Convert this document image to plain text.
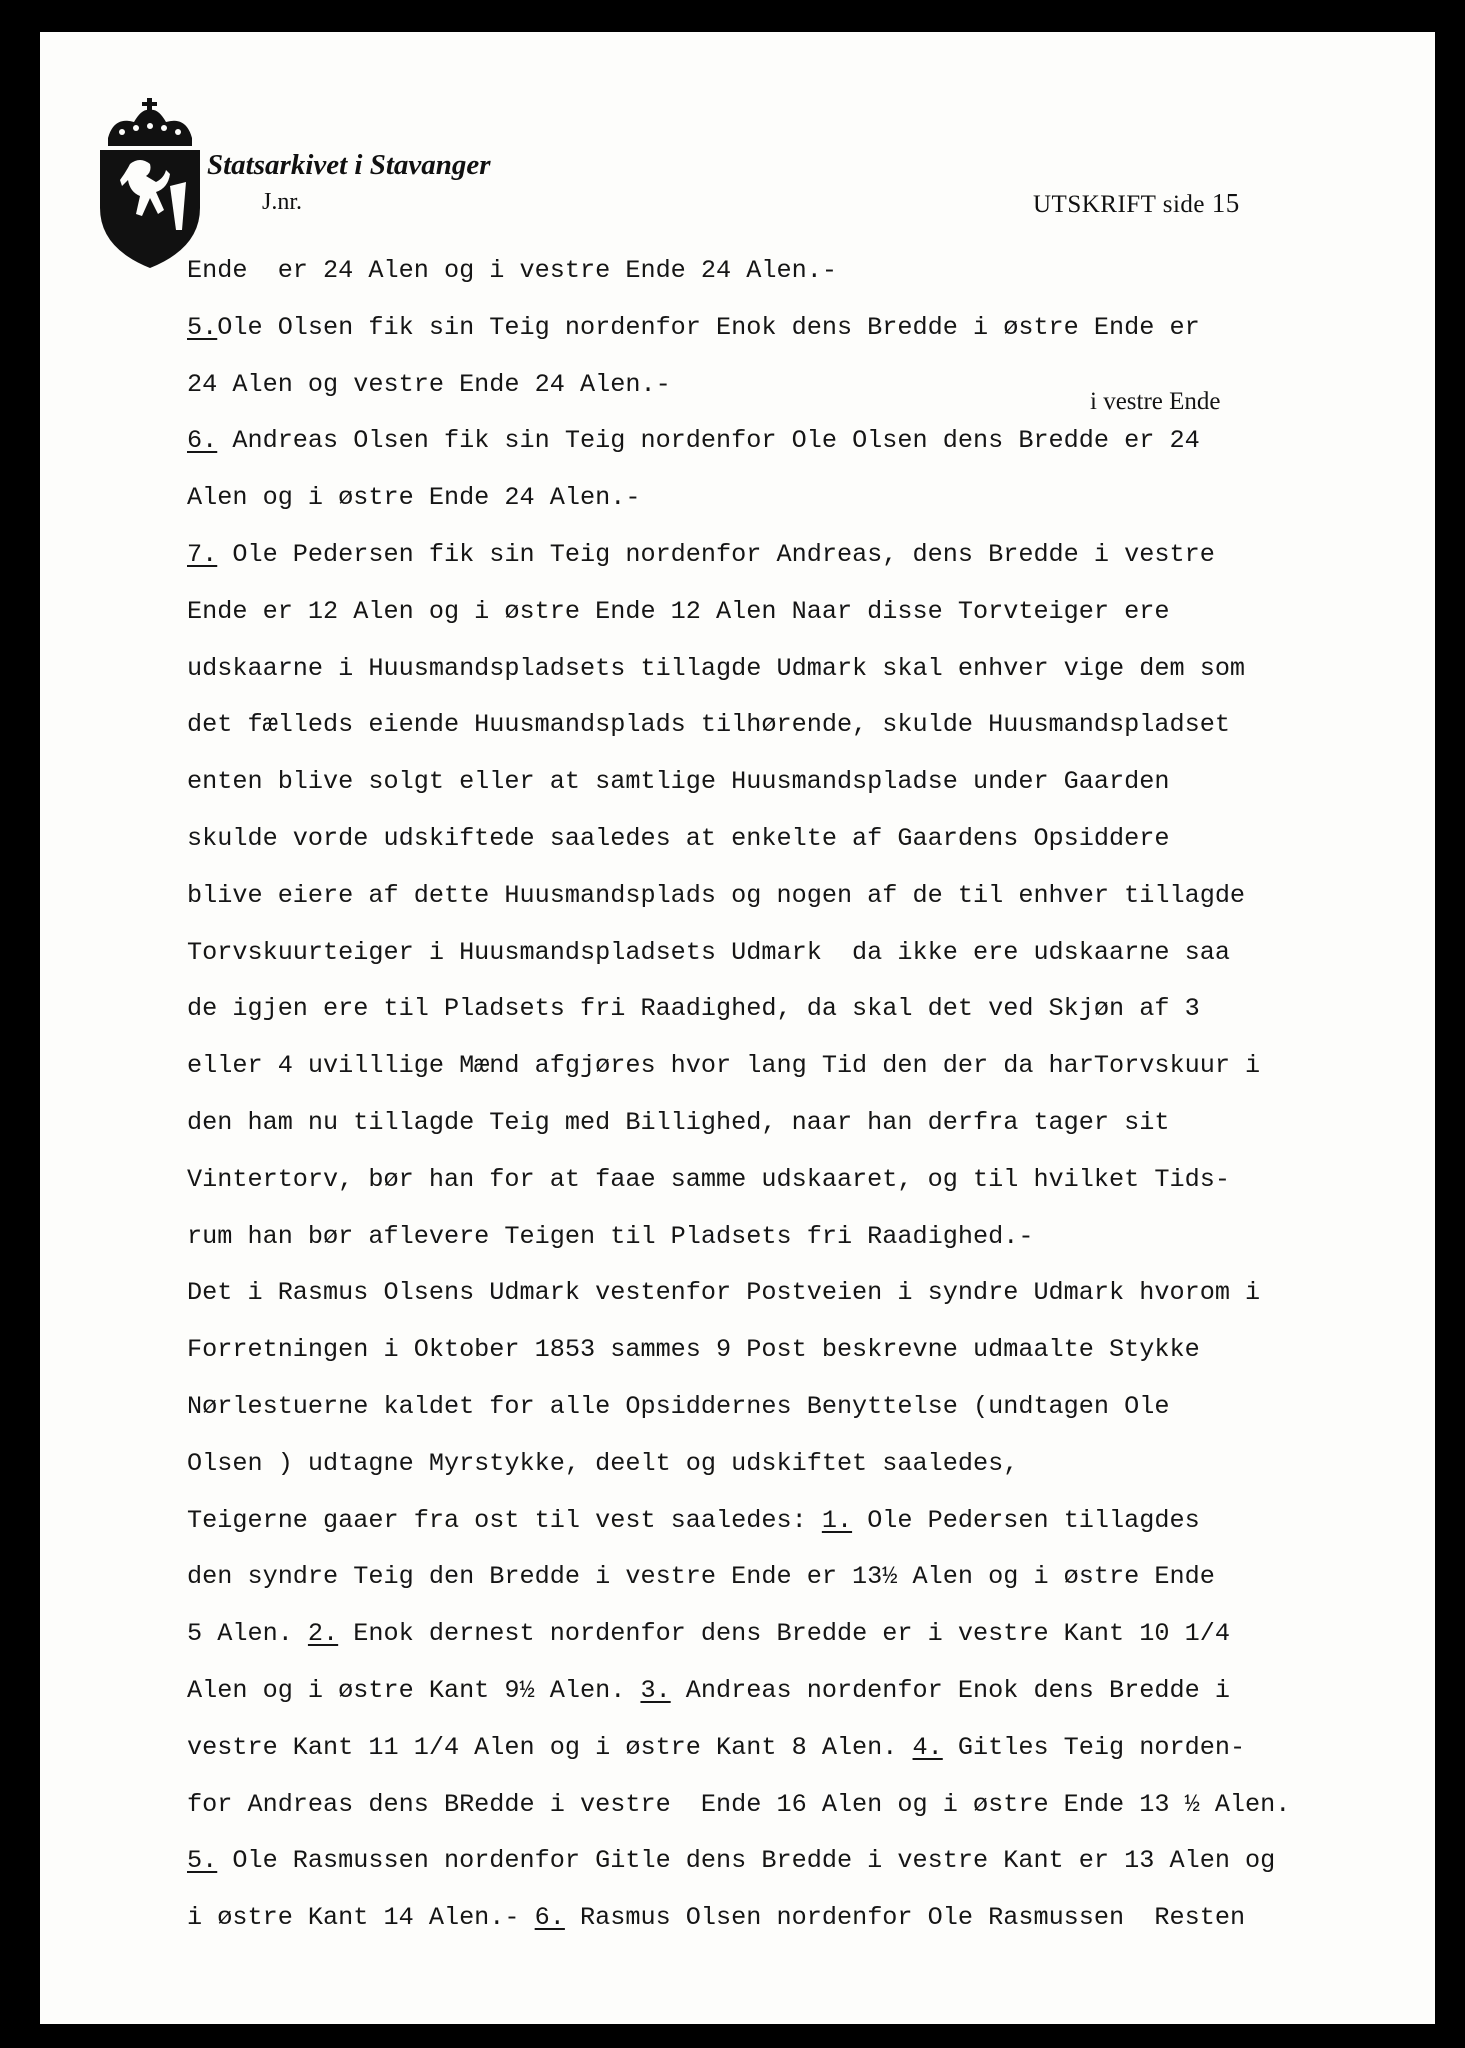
Statsarkivet i Stavanger
J.nr.	UTSKRIFT side 15
i vestre Ende
Ende  er 24 Alen og i vestre Ende 24 Alen.-
5.Ole Olsen fik sin Teig nordenfor Enok dens Bredde i østre Ende er
24 Alen og vestre Ende 24 Alen.-
6. Andreas Olsen fik sin Teig nordenfor Ole Olsen dens Bredde er 24
Alen og i østre Ende 24 Alen.-
7. Ole Pedersen fik sin Teig nordenfor Andreas, dens Bredde i vestre
Ende er 12 Alen og i østre Ende 12 Alen Naar disse Torvteiger ere
udskaarne i Huusmandspladsets tillagde Udmark skal enhver vige dem som
det fælleds eiende Huusmandsplads tilhørende, skulde Huusmandspladset
enten blive solgt eller at samtlige Huusmandspladse under Gaarden
skulde vorde udskiftede saaledes at enkelte af Gaardens Opsiddere
blive eiere af dette Huusmandsplads og nogen af de til enhver tillagde
Torvskuurteiger i Huusmandspladsets Udmark  da ikke ere udskaarne saa
de igjen ere til Pladsets fri Raadighed, da skal det ved Skjøn af 3
eller 4 uvilllige Mænd afgjøres hvor lang Tid den der da harTorvskuur i
den ham nu tillagde Teig med Billighed, naar han derfra tager sit
Vintertorv, bør han for at faae samme udskaaret, og til hvilket Tids-
rum han bør aflevere Teigen til Pladsets fri Raadighed.-
Det i Rasmus Olsens Udmark vestenfor Postveien i syndre Udmark hvorom i
Forretningen i Oktober 1853 sammes 9 Post beskrevne udmaalte Stykke
Nørlestuerne kaldet for alle Opsiddernes Benyttelse (undtagen Ole
Olsen ) udtagne Myrstykke, deelt og udskiftet saaledes,
Teigerne gaaer fra ost til vest saaledes: 1. Ole Pedersen tillagdes
den syndre Teig den Bredde i vestre Ende er 13½ Alen og i østre Ende
5 Alen. 2. Enok dernest nordenfor dens Bredde er i vestre Kant 10 1/4
Alen og i østre Kant 9½ Alen. 3. Andreas nordenfor Enok dens Bredde i
vestre Kant 11 1/4 Alen og i østre Kant 8 Alen. 4. Gitles Teig norden-
for Andreas dens BRedde i vestre  Ende 16 Alen og i østre Ende 13 ½ Alen.
5. Ole Rasmussen nordenfor Gitle dens Bredde i vestre Kant er 13 Alen og
i østre Kant 14 Alen.- 6. Rasmus Olsen nordenfor Ole Rasmussen  Resten
